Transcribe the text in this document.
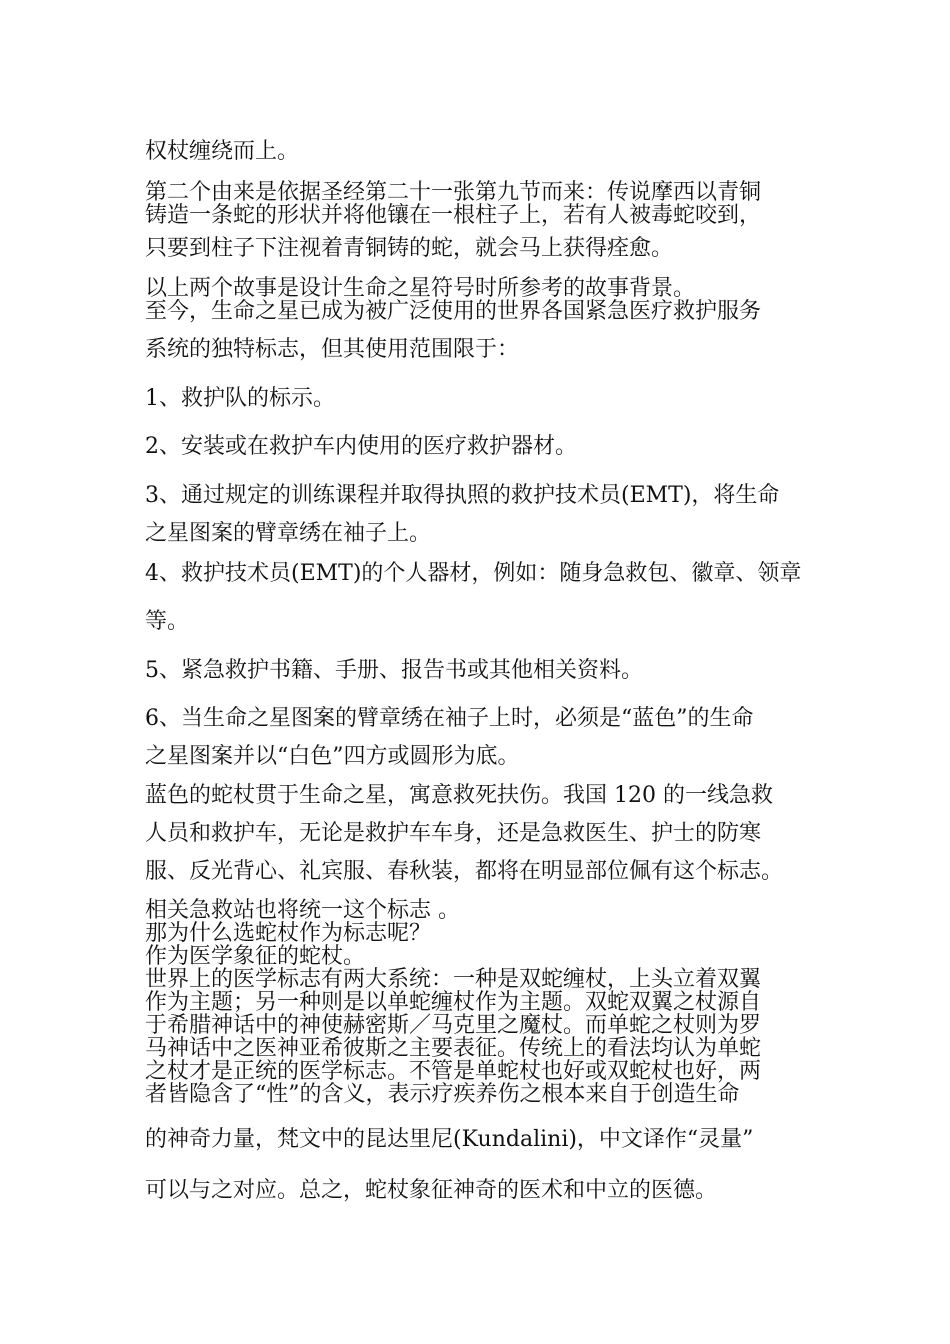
权杖缠绕而上。
第二个由来是依据圣经第二十一张第九节而来：传说摩西以青铜
铸造一条蛇的形状并将他镶在一根柱子上，若有人被毒蛇咬到，
只要到柱子下注视着青铜铸的蛇，就会马上获得痊愈。
以上两个故事是设计生命之星符号时所参考的故事背景。
至今，生命之星已成为被广泛使用的世界各国紧急医疗救护服务
系统的独特标志，但其使用范围限于：
1、救护队的标示。
2、安装或在救护车内使用的医疗救护器材。
3、通过规定的训练课程并取得执照的救护技术员(EMT)，将生命
之星图案的臂章绣在袖子上。
4、救护技术员(EMT)的个人器材，例如：随身急救包、徽章、领章
等。
5、紧急救护书籍、手册、报告书或其他相关资料。
6、当生命之星图案的臂章绣在袖子上时，必须是“蓝色”的生命
之星图案并以“白色”四方或圆形为底。
蓝色的蛇杖贯于生命之星，寓意救死扶伤。我国 120 的一线急救
人员和救护车，无论是救护车车身，还是急救医生、护士的防寒
服、反光背心、礼宾服、春秋装，都将在明显部位佩有这个标志。
相关急救站也将统一这个标志 。
那为什么选蛇杖作为标志呢？
作为医学象征的蛇杖。
世界上的医学标志有两大系统：一种是双蛇缠杖，上头立着双翼
作为主题；另一种则是以单蛇缠杖作为主题。双蛇双翼之杖源自
于希腊神话中的神使赫密斯／马克里之魔杖。而单蛇之杖则为罗
马神话中之医神亚希彼斯之主要表征。传统上的看法均认为单蛇
之杖才是正统的医学标志。不管是单蛇杖也好或双蛇杖也好，两
者皆隐含了“性”的含义，表示疗疾养伤之根本来自于创造生命
的神奇力量，梵文中的昆达里尼(Kundalini)，中文译作“灵量”
可以与之对应。总之，蛇杖象征神奇的医术和中立的医德。
